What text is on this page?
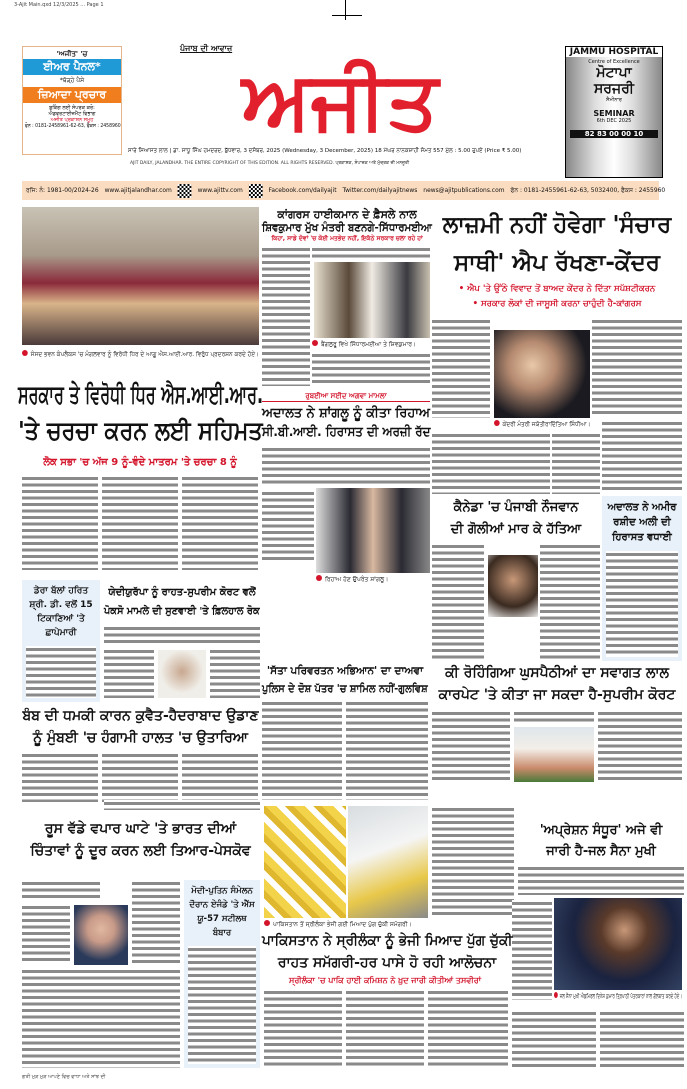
3-Ajit Main.qxd 12/3/2025 ... Page 1
'ਅਜੀਤ' 'ਚ
ਈਅਰ ਪੈਨਲ*
*ਥੋੜ੍ਹੇ ਪੈਸੇ
ਜ਼ਿਆਦਾ ਪ੍ਰਚਾਰ
ਬੁਕਿੰਗ ਲਈ ਸੰਪਰਕ ਕਰੋ:
ਐਡਵਰਟਾਈਜ਼ਮੈਂਟ ਵਿਭਾਗ
ਅਜੀਤ ਪ੍ਰਕਾਸ਼ਨ ਸਮੂਹ
ਫੋਨ : 0181-2458961-62-63, ਫੈਕਸ : 2458960
ਪੰਜਾਬ ਦੀ ਆਵਾਜ਼
ਅਜੀਤ
ਸਾਰੇ ਸਿਆਸਤ ਲਾਲ | ਡਾ. ਸਾਧੂ ਸਿੰਘ ਹਮਦਰਦ, ਬੁੱਧਵਾਰ, 3 ਦਸੰਬਰ, 2025 (Wednesday, 3 December, 2025) 18 ਮੱਘਰ ਨਾਨਕਸ਼ਾਹੀ ਸੰਮਤ 557 ਮੁੱਲ : 5.00 ਰੁਪਏ (Price ₹ 5.00)
AJIT DAILY, JALANDHAR. THE ENTIRE COPYRIGHT OF THIS EDITION. ALL RIGHTS RESERVED. ਪ੍ਰਕਾਸ਼ਕ, ਸੰਪਾਦਕ ਅਤੇ ਮੁੱਦ੍ਰਕ ਦੀ ਮਨਜ਼ੂਰੀ
JAMMU HOSPITAL
Centre of Excellence
ਮੋਟਾਪਾ
ਸਰਜਰੀ
ਸੈਮੀਨਾਰ
SEMINAR
6th DEC 2025
82 83 00 00 10
ਰਜਿ: ਨੰ: 1981-00/2024-26 www.ajitjalandhar.com	www.ajittv.com	Facebook.com/dailyajit Twitter.com/dailyajitnews news@ajitpublications.com ਫੋਨ : 0181-2455961-62-63, 5032400, ਫੈਕਸ : 2455960
ਸੰਸਦ ਭਵਨ ਕੰਪਲੈਕਸ 'ਚ ਮੰਗਲਵਾਰ ਨੂੰ ਵਿਰੋਧੀ ਧਿਰ ਦੇ ਆਗੂ ਐਸ.ਆਈ.ਆਰ. ਵਿਰੁੱਧ ਪ੍ਰਦਰਸ਼ਨ ਕਰਦੇ ਹੋਏ।
ਸਰਕਾਰ ਤੇ ਵਿਰੋਧੀ ਧਿਰ ਐਸ.ਆਈ.ਆਰ.
'ਤੇ ਚਰਚਾ ਕਰਨ ਲਈ ਸਹਿਮਤ
ਲੋਕ ਸਭਾ 'ਚ ਅੱਜ 9 ਨੂੰ-ਵੰਦੇ ਮਾਤਰਮ 'ਤੇ ਚਰਚਾ 8 ਨੂੰ
ਕਾਂਗਰਸ ਹਾਈਕਮਾਨ ਦੇ ਫ਼ੈਸਲੇ ਨਾਲ
ਸ਼ਿਵਕੁਮਾਰ ਮੁੱਖ ਮੰਤਰੀ ਬਣਨਗੇ-ਸਿੱਧਾਰਮਈਆ
ਕਿਹਾ, ਸਾਡੇ ਦੋਵਾਂ 'ਚ ਕੋਈ ਮਤਭੇਦ ਨਹੀਂ, ਇਕੱਠੇ ਸਰਕਾਰ ਚਲਾ ਰਹੇ ਹਾਂ
ਬੈਂਗਲੁਰੂ ਵਿਖੇ ਸਿੱਧਾਰਮਈਆ ਤੇ ਸ਼ਿਵਕੁਮਾਰ।
ਲਾਜ਼ਮੀ ਨਹੀਂ ਹੋਵੇਗਾ 'ਸੰਚਾਰ
ਸਾਥੀ' ਐਪ ਰੱਖਣਾ-ਕੇਂਦਰ
• ਐਪ 'ਤੇ ਉੱਠੇ ਵਿਵਾਦ ਤੋਂ ਬਾਅਦ ਕੇਂਦਰ ਨੇ ਦਿੱਤਾ ਸਪੱਸ਼ਟੀਕਰਨ
• ਸਰਕਾਰ ਲੋਕਾਂ ਦੀ ਜਾਸੂਸੀ ਕਰਨਾ ਚਾਹੁੰਦੀ ਹੈ-ਕਾਂਗਰਸ
ਕੇਂਦਰੀ ਮੰਤਰੀ ਜਯੋਤੀਰਾਦਿੱਤਿਆ ਸਿੰਧੀਆ।
ਰੁਬਈਆ ਸਈਦ ਅਗਵਾ ਮਾਮਲਾ
ਅਦਾਲਤ ਨੇ ਸ਼ਾਂਗਲੂ ਨੂੰ ਕੀਤਾ ਰਿਹਾਅ
ਸੀ.ਬੀ.ਆਈ. ਹਿਰਾਸਤ ਦੀ ਅਰਜ਼ੀ ਰੱਦ
ਰਿਹਾਅ ਹੋਣ ਉਪਰੰਤ ਸ਼ਾਂਗਲੂ।
ਕੈਨੇਡਾ 'ਚ ਪੰਜਾਬੀ ਨੌਜਵਾਨ
ਦੀ ਗੋਲੀਆਂ ਮਾਰ ਕੇ ਹੱਤਿਆ
ਅਦਾਲਤ ਨੇ ਅਮੀਰ ਰਸ਼ੀਦ ਅਲੀ ਦੀ ਹਿਰਾਸਤ ਵਧਾਈ
ਡੇਰਾ ਬੱਲਾਂ ਹਰਿਤ ਸ਼੍ਰੀ. ਡੀ. ਵਲੋਂ 15 ਟਿਕਾਣਿਆਂ 'ਤੇ ਛਾਪੇਮਾਰੀ
ਯੇਦੀਯੁਰੱਪਾ ਨੂੰ ਰਾਹਤ-ਸੁਪਰੀਮ ਕੋਰਟ ਵਲੋਂ
ਪੋਕਸੋ ਮਾਮਲੇ ਦੀ ਸੁਣਵਾਈ 'ਤੇ ਫ਼ਿਲਹਾਲ ਰੋਕ
ਬੰਬ ਦੀ ਧਮਕੀ ਕਾਰਨ ਕੁਵੈਤ-ਹੈਦਰਾਬਾਦ ਉਡਾਣ
ਨੂੰ ਮੁੰਬਈ 'ਚ ਹੰਗਾਮੀ ਹਾਲਤ 'ਚ ਉਤਾਰਿਆ
'ਸੱਤਾ ਪਰਿਵਰਤਨ ਅਭਿਆਨ' ਦਾ ਦਾਅਵਾ
ਪੁਲਿਸ ਦੇ ਦੋਸ਼ ਪੱਤਰ 'ਚ ਸ਼ਾਮਿਲ ਨਹੀਂ-ਗੁਲਵਿਸ਼
ਕੀ ਰੋਹਿੰਗਿਆ ਘੁਸਪੈਠੀਆਂ ਦਾ ਸਵਾਗਤ ਲਾਲ
ਕਾਰਪੇਟ 'ਤੇ ਕੀਤਾ ਜਾ ਸਕਦਾ ਹੈ-ਸੁਪਰੀਮ ਕੋਰਟ
ਰੂਸ ਵੱਡੇ ਵਪਾਰ ਘਾਟੇ 'ਤੇ ਭਾਰਤ ਦੀਆਂ
ਚਿੰਤਾਵਾਂ ਨੂੰ ਦੂਰ ਕਰਨ ਲਈ ਤਿਆਰ-ਪੇਸਕੋਵ
ਮੋਦੀ-ਪੁਤਿਨ ਸੰਮੇਲਨ ਦੌਰਾਨ ਏਜੰਡੇ 'ਤੇ ਐੱਸ ਯੂ-57 ਸਟੀਲਥ ਬੰਬਾਰ
ਪਾਕਿਸਤਾਨ ਤੋਂ ਸ੍ਰੀਲੰਕਾ ਭੇਜੀ ਗਈ ਮਿਆਦ ਪੁੱਗ ਚੁੱਕੀ ਸਮੱਗਰੀ।
ਪਾਕਿਸਤਾਨ ਨੇ ਸ੍ਰੀਲੰਕਾ ਨੂੰ ਭੇਜੀ ਮਿਆਦ ਪੁੱਗ ਚੁੱਕੀ
ਰਾਹਤ ਸਮੱਗਰੀ-ਹਰ ਪਾਸੇ ਹੋ ਰਹੀ ਆਲੋਚਨਾ
ਸ੍ਰੀਲੰਕਾ 'ਚ ਪਾਕਿ ਹਾਈ ਕਮਿਸ਼ਨ ਨੇ ਖ਼ੁਦ ਜਾਰੀ ਕੀਤੀਆਂ ਤਸਵੀਰਾਂ
'ਅਪ੍ਰੇਸ਼ਨ ਸੰਧੂਰ' ਅਜੇ ਵੀ
ਜਾਰੀ ਹੈ-ਜਲ ਸੈਨਾ ਮੁਖੀ
ਜਲ ਸੈਨਾ ਮੁਖੀ ਐਡਮਿਰਲ ਦਿਨੇਸ਼ ਕੁਮਾਰ ਤ੍ਰਿਪਾਠੀ ਪੱਤਰਕਾਰਾਂ ਨਾਲ ਗੱਲਬਾਤ ਕਰਦੇ ਹੋਏ।
ਗਤੀ ਮੁੜ ਮੁੜ ਆਪਣੇ ਵਿਚ ਵਾਧਾ ਅਤੇ ਸਾਂਝ ਦੀ
